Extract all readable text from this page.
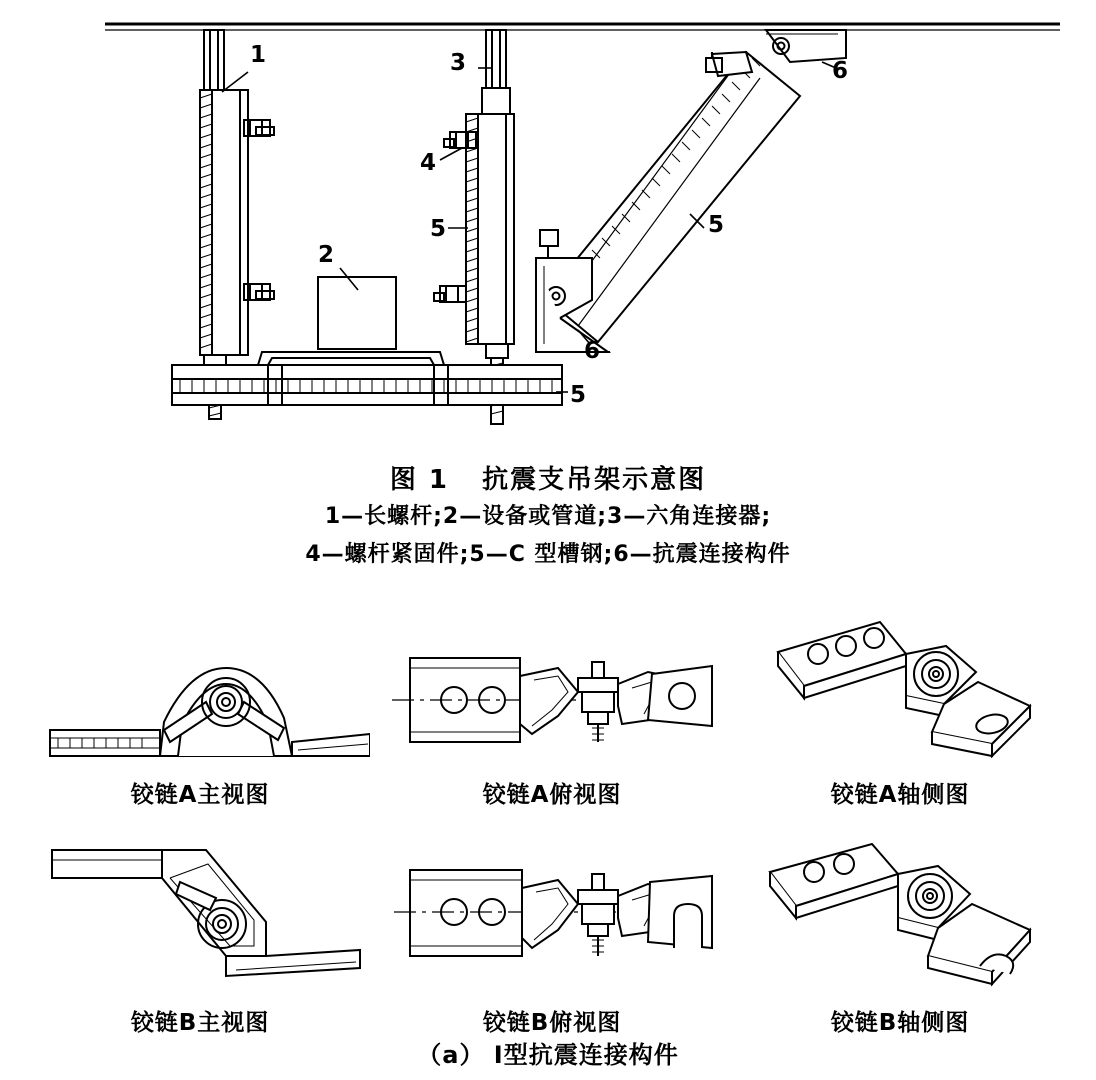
1
2
3
4
5
5
5
6
6
图 1   抗震支吊架示意图
1—长螺杆;2—设备或管道;3—六角连接器;
4—螺杆紧固件;5—C 型槽钢;6—抗震连接构件
铰链A主视图	铰链A俯视图	铰链A轴侧图
铰链B主视图	铰链B俯视图	铰链B轴侧图
（a） Ⅰ型抗震连接构件
